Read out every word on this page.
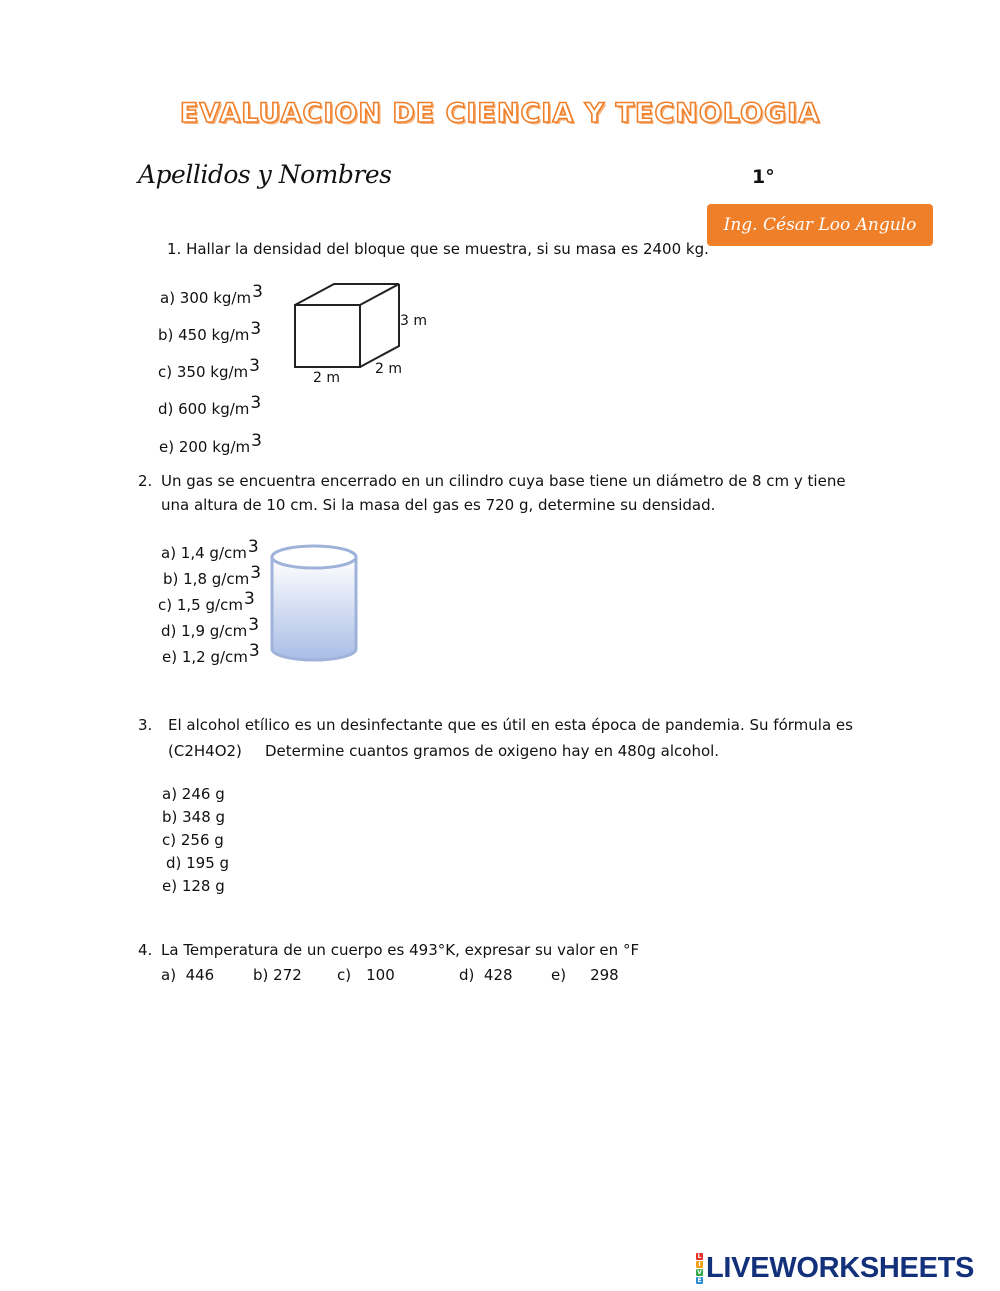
EVALUACION DE CIENCIA Y TECNOLOGIA
Apellidos y Nombres	1°
Ing. César Loo Angulo
1. Hallar la densidad del bloque que se muestra, si su masa es 2400 kg.
a) 300 kg/m3
b) 450 kg/m3
c) 350 kg/m3
d) 600 kg/m3
e) 200 kg/m3
3 m
2 m
2 m
2. Un gas se encuentra encerrado en un cilindro cuya base tiene un diámetro de 8 cm y tiene
una altura de 10 cm. Si la masa del gas es 720 g, determine su densidad.
a) 1,4 g/cm3
b) 1,8 g/cm3
c) 1,5 g/cm3
d) 1,9 g/cm3
e) 1,2 g/cm3
3. El alcohol etílico es un desinfectante que es útil en esta época de pandemia. Su fórmula es
(C2H4O2) Determine cuantos gramos de oxigeno hay en 480g alcohol.
a) 246 g
b) 348 g
c) 256 g
d) 195 g
e) 128 g
4. La Temperatura de un cuerpo es 493°K, expresar su valor en °F
a) 446	b) 272 c) 100	d) 428	e) 298
L
I
V
E LIVEWORKSHEETS
